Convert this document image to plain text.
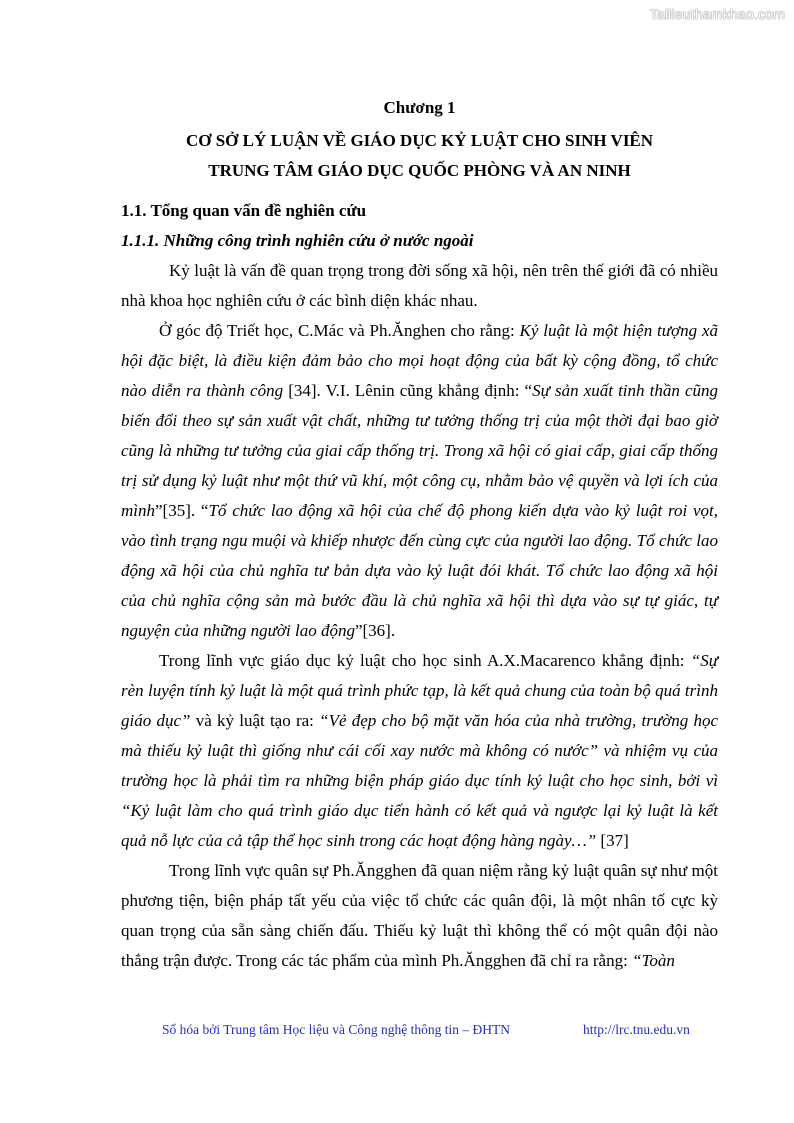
Tailieuthamkhao.com
Chương 1
CƠ SỞ LÝ LUẬN VỀ GIÁO DỤC KỶ LUẬT CHO SINH VIÊN
TRUNG TÂM GIÁO DỤC QUỐC PHÒNG VÀ AN NINH
1.1. Tổng quan vấn đề nghiên cứu
1.1.1. Những công trình nghiên cứu ở nước ngoài

Kỷ luật là vấn đề quan trọng trong đời sống xã hội, nên trên thế giới đã có nhiều nhà khoa học nghiên cứu ở các bình diện khác nhau.

Ở góc độ Triết học, C.Mác và Ph.Ănghen cho rằng: Kỷ luật là một hiện tượng xã hội đặc biệt, là điều kiện đảm bảo cho mọi hoạt động của bất kỳ cộng đồng, tổ chức nào diễn ra thành công [34]. V.I. Lênin cũng khẳng định: “Sự sản xuất tinh thần cũng biến đổi theo sự sản xuất vật chất, những tư tưởng thống trị của một thời đại bao giờ cũng là những tư tưởng của giai cấp thống trị. Trong xã hội có giai cấp, giai cấp thống trị sử dụng kỷ luật như một thứ vũ khí, một công cụ, nhằm bảo vệ quyền và lợi ích của mình”[35]. “Tổ chức lao động xã hội của chế độ phong kiến dựa vào kỷ luật roi vọt, vào tình trạng ngu muội và khiếp nhược đến cùng cực của người lao động. Tổ chức lao động xã hội của chủ nghĩa tư bản dựa vào kỷ luật đói khát. Tổ chức lao động xã hội của chủ nghĩa cộng sản mà bước đầu là chủ nghĩa xã hội thì dựa vào sự tự giác, tự nguyện của những người lao động”[36].

Trong lĩnh vực giáo dục kỷ luật cho học sinh A.X.Macarenco khẳng định: “Sự rèn luyện tính kỷ luật là một quá trình phức tạp, là kết quả chung của toàn bộ quá trình giáo dục” và kỷ luật tạo ra: “Vẻ đẹp cho bộ mặt văn hóa của nhà trường, trường học mà thiếu kỷ luật thì giống như cái cối xay nước mà không có nước” và nhiệm vụ của trường học là phải tìm ra những biện pháp giáo dục tính kỷ luật cho học sinh, bởi vì “Kỷ luật làm cho quá trình giáo dục tiến hành có kết quả và ngược lại kỷ luật là kết quả nỗ lực của cả tập thể học sinh trong các hoạt động hàng ngày…” [37]

Trong lĩnh vực quân sự Ph.Ăngghen đã quan niệm rằng kỷ luật quân sự như một phương tiện, biện pháp tất yếu của việc tổ chức các quân đội, là một nhân tố cực kỳ quan trọng của sẵn sàng chiến đấu. Thiếu kỷ luật thì không thể có một quân đội nào thắng trận được. Trong các tác phẩm của mình Ph.Ăngghen đã chỉ ra rằng: “Toàn

Số hóa bởi Trung tâm Học liệu và Công nghệ thông tin – ĐHTN	http://lrc.tnu.edu.vn
